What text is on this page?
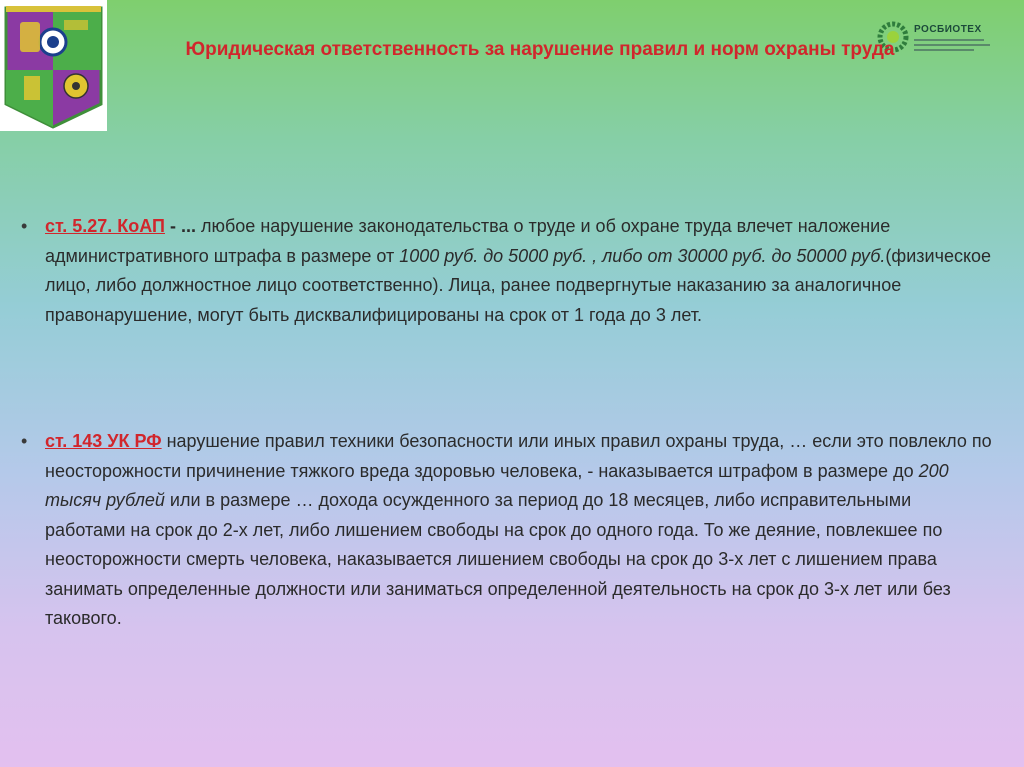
РОСБИОТЕХ
Юридическая ответственность за нарушение правил и норм охраны труда
• ст. 5.27. КоАП - ... любое нарушение законодательства о труде и об охране труда влечет наложение административного штрафа в размере от 1000 руб. до 5000 руб. , либо от 30000 руб. до 50000 руб.(физическое лицо, либо должностное лицо соответственно). Лица, ранее подвергнутые наказанию за аналогичное правонарушение, могут быть дисквалифицированы на срок от 1 года до 3 лет.
• ст. 143 УК РФ нарушение правил техники безопасности или иных правил охраны труда, … если это повлекло по неосторожности причинение тяжкого вреда здоровью человека, - наказывается штрафом в размере до 200 тысяч рублей или в размере … дохода осужденного за период до 18 месяцев, либо исправительными работами на срок до 2-х лет, либо лишением свободы на срок до одного года. То же деяние, повлекшее по неосторожности смерть человека, наказывается лишением свободы на срок до 3-х лет с лишением права занимать определенные должности или заниматься определенной деятельность на срок до 3-х лет или без такового.
